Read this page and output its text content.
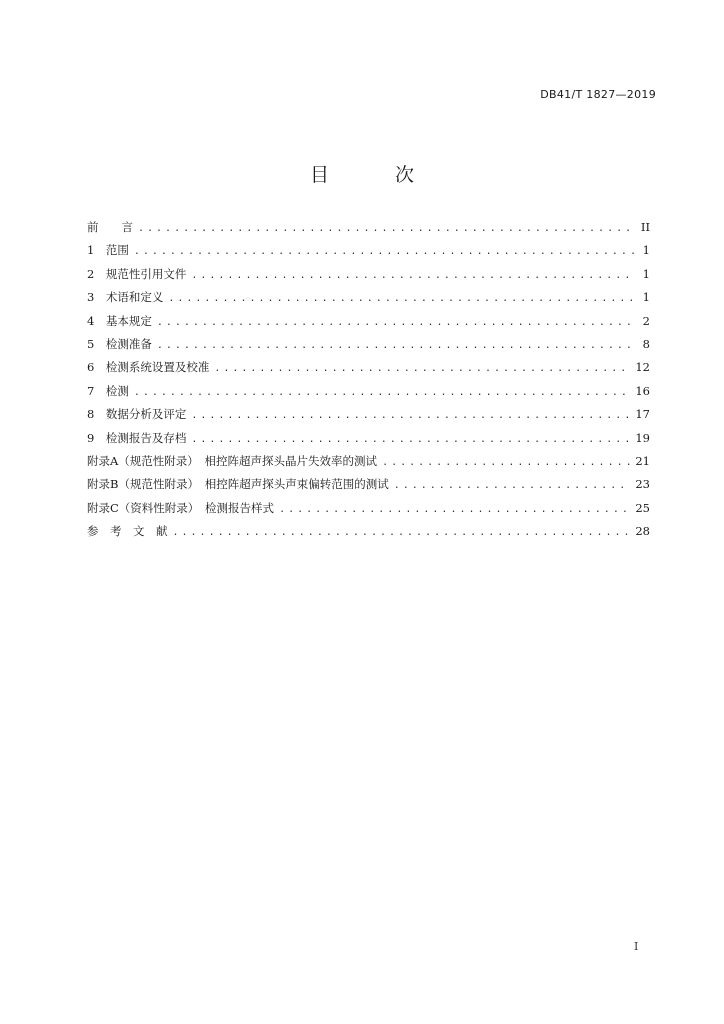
DB41/T 1827—2019
目 次
前　　言 .....	II
1　范围 .....	1
2　规范性引用文件 .....	1
3　术语和定义 .....	1
4　基本规定 .....	2
5　检测准备 .....	8
6　检测系统设置及校准 .....	12
7　检测 .....	16
8　数据分析及评定 .....	17
9　检测报告及存档 .....	19
附录A（规范性附录）　相控阵超声探头晶片失效率的测试 .....	21
附录B（规范性附录）　相控阵超声探头声束偏转范围的测试 .....	23
附录C（资料性附录）　检测报告样式 .....	25
参　考　文　献 .....	28
I
